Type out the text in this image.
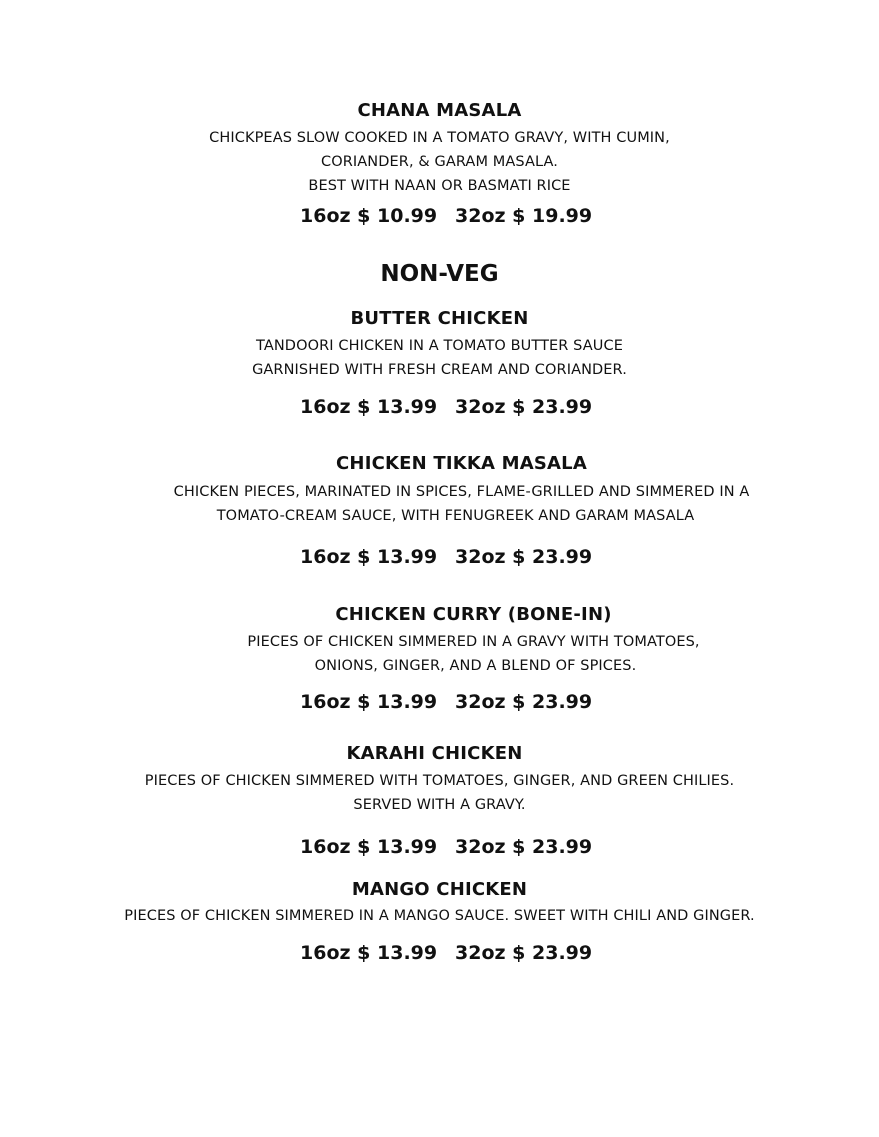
CHANA MASALA
CHICKPEAS SLOW COOKED IN A TOMATO GRAVY, WITH CUMIN,
CORIANDER, & GARAM MASALA.
BEST WITH NAAN OR BASMATI RICE
16oz $ 10.99 32oz $ 19.99
NON-VEG
BUTTER CHICKEN
TANDOORI CHICKEN IN A TOMATO BUTTER SAUCE
GARNISHED WITH FRESH CREAM AND CORIANDER.
16oz $ 13.99 32oz $ 23.99
CHICKEN TIKKA MASALA
CHICKEN PIECES, MARINATED IN SPICES, FLAME-GRILLED AND SIMMERED IN A
TOMATO-CREAM SAUCE, WITH FENUGREEK AND GARAM MASALA
16oz $ 13.99 32oz $ 23.99
CHICKEN CURRY (BONE-IN)
PIECES OF CHICKEN SIMMERED IN A GRAVY WITH TOMATOES,
ONIONS, GINGER, AND A BLEND OF SPICES.
16oz $ 13.99 32oz $ 23.99
KARAHI CHICKEN
PIECES OF CHICKEN SIMMERED WITH TOMATOES, GINGER, AND GREEN CHILIES.
SERVED WITH A GRAVY.
16oz $ 13.99 32oz $ 23.99
MANGO CHICKEN
PIECES OF CHICKEN SIMMERED IN A MANGO SAUCE. SWEET WITH CHILI AND GINGER.
16oz $ 13.99 32oz $ 23.99
